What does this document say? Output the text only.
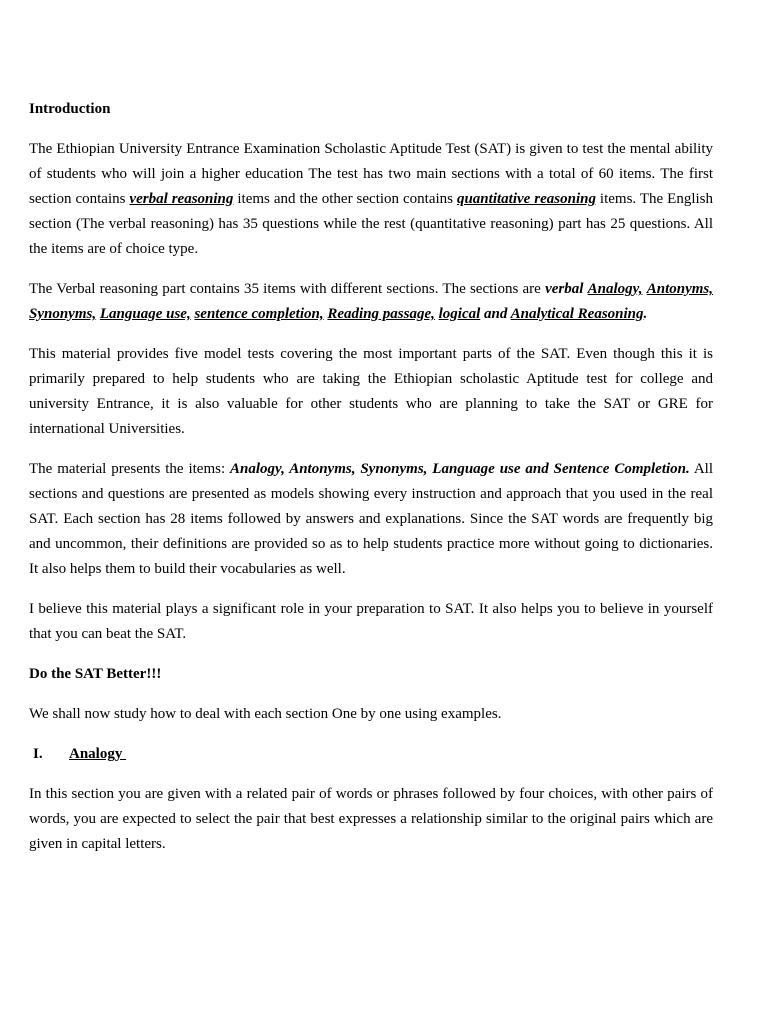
Introduction
The Ethiopian University Entrance Examination Scholastic Aptitude Test (SAT) is given to test the mental ability of students who will join a higher education The test has two main sections with a total of 60 items. The first section contains verbal reasoning items and the other section contains quantitative reasoning items. The English section (The verbal reasoning) has 35 questions while the rest (quantitative reasoning) part has 25 questions. All the items are of choice type.
The Verbal reasoning part contains 35 items with different sections. The sections are verbal Analogy, Antonyms, Synonyms, Language use, sentence completion, Reading passage, logical and Analytical Reasoning.
This material provides five model tests covering the most important parts of the SAT. Even though this it is primarily prepared to help students who are taking the Ethiopian scholastic Aptitude test for college and university Entrance, it is also valuable for other students who are planning to take the SAT or GRE for international Universities.
The material presents the items: Analogy, Antonyms, Synonyms, Language use and Sentence Completion. All sections and questions are presented as models showing every instruction and approach that you used in the real SAT. Each section has 28 items followed by answers and explanations. Since the SAT words are frequently big and uncommon, their definitions are provided so as to help students practice more without going to dictionaries. It also helps them to build their vocabularies as well.
I believe this material plays a significant role in your preparation to SAT. It also helps you to believe in yourself that you can beat the SAT.
Do the SAT Better!!!
We shall now study how to deal with each section One by one using examples.
I.	Analogy
In this section you are given with a related pair of words or phrases followed by four choices, with other pairs of words, you are expected to select the pair that best expresses a relationship similar to the original pairs which are given in capital letters.
